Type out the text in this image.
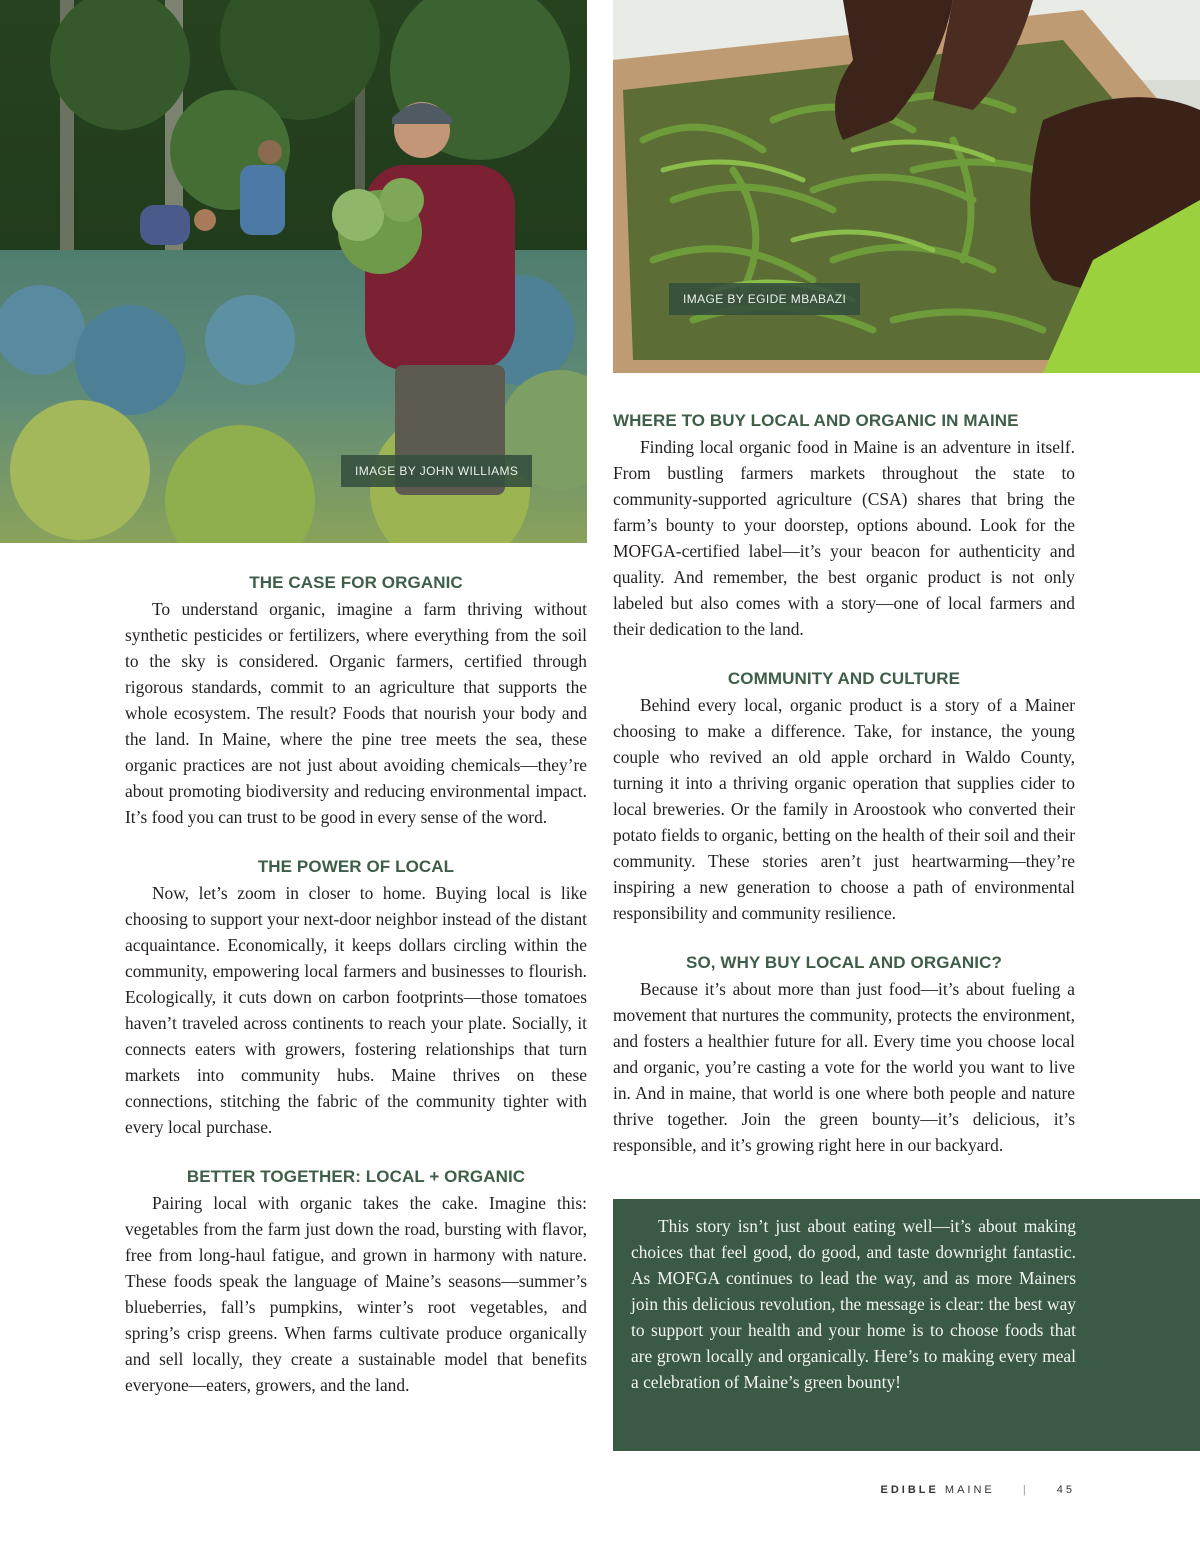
IMAGE BY JOHN WILLIAMS
IMAGE BY EGIDE MBABAZI
THE CASE FOR ORGANIC

To understand organic, imagine a farm thriving without synthetic pesticides or fertilizers, where everything from the soil to the sky is considered. Organic farmers, certified through rigorous standards, commit to an agriculture that supports the whole ecosystem. The result? Foods that nourish your body and the land. In Maine, where the pine tree meets the sea, these organic practices are not just about avoiding chemicals—they’re about promoting biodiversity and reducing environmental impact. It’s food you can trust to be good in every sense of the word.

THE POWER OF LOCAL

Now, let’s zoom in closer to home. Buying local is like choosing to support your next-door neighbor instead of the distant acquaintance. Economically, it keeps dollars circling within the community, empowering local farmers and businesses to flourish. Ecologically, it cuts down on carbon footprints—those tomatoes haven’t traveled across continents to reach your plate. Socially, it connects eaters with growers, fostering relationships that turn markets into community hubs. Maine thrives on these connections, stitching the fabric of the community tighter with every local purchase.

BETTER TOGETHER: LOCAL + ORGANIC

Pairing local with organic takes the cake. Imagine this: vegetables from the farm just down the road, bursting with flavor, free from long-haul fatigue, and grown in harmony with nature. These foods speak the language of Maine’s seasons—summer’s blueberries, fall’s pumpkins, winter’s root vegetables, and spring’s crisp greens. When farms cultivate produce organically and sell locally, they create a sustainable model that benefits everyone—eaters, growers, and the land.

WHERE TO BUY LOCAL AND ORGANIC IN MAINE

Finding local organic food in Maine is an adventure in itself. From bustling farmers markets throughout the state to community-supported agriculture (CSA) shares that bring the farm’s bounty to your doorstep, options abound. Look for the MOFGA-certified label—it’s your beacon for authenticity and quality. And remember, the best organic product is not only labeled but also comes with a story—one of local farmers and their dedication to the land.

COMMUNITY AND CULTURE

Behind every local, organic product is a story of a Mainer choosing to make a difference. Take, for instance, the young couple who revived an old apple orchard in Waldo County, turning it into a thriving organic operation that supplies cider to local breweries. Or the family in Aroostook who converted their potato fields to organic, betting on the health of their soil and their community. These stories aren’t just heartwarming—they’re inspiring a new generation to choose a path of environmental responsibility and community resilience.

SO, WHY BUY LOCAL AND ORGANIC?

Because it’s about more than just food—it’s about fueling a movement that nurtures the community, protects the environment, and fosters a healthier future for all. Every time you choose local and organic, you’re casting a vote for the world you want to live in. And in maine, that world is one where both people and nature thrive together. Join the green bounty—it’s delicious, it’s responsible, and it’s growing right here in our backyard.

This story isn’t just about eating well—it’s about making choices that feel good, do good, and taste downright fantastic. As MOFGA continues to lead the way, and as more Mainers join this delicious revolution, the message is clear: the best way to support your health and your home is to choose foods that are grown locally and organically. Here’s to making every meal a celebration of Maine’s green bounty!

EDIBLE MAINE	|	45
